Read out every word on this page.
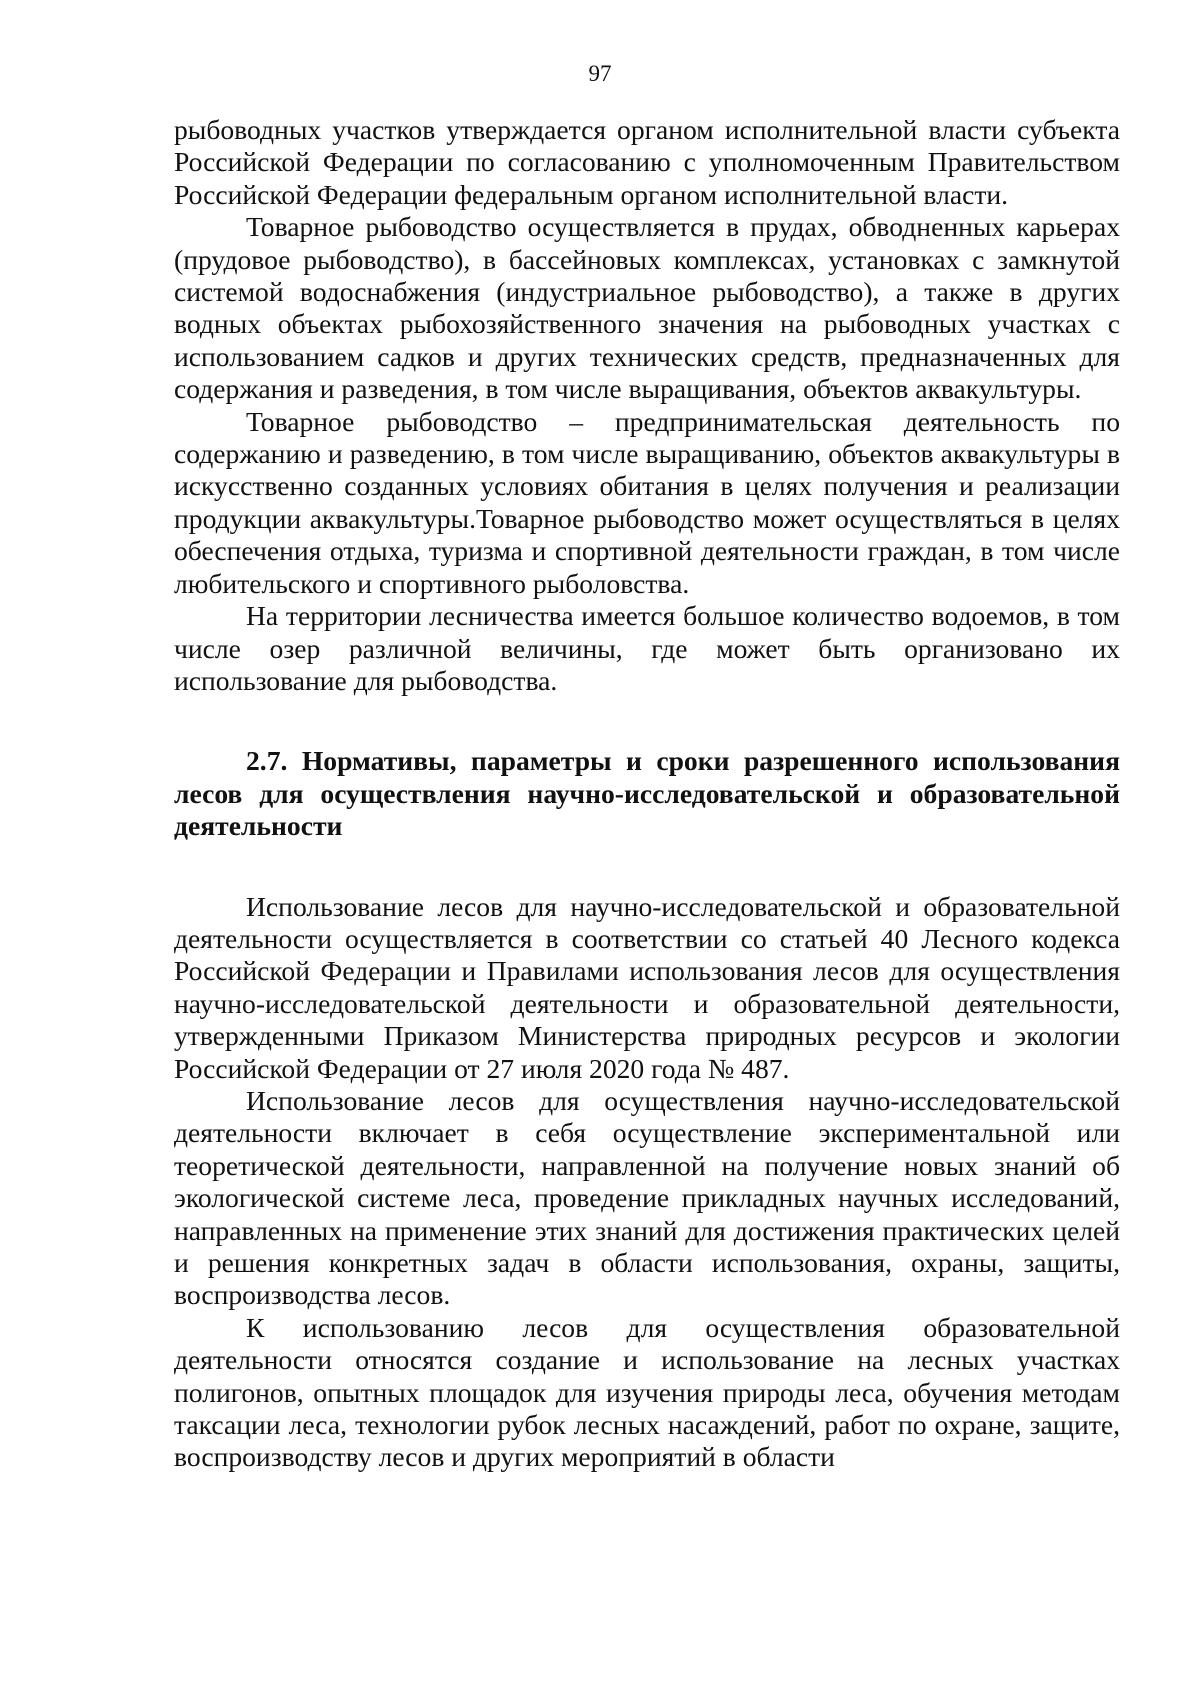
97

рыбоводных участков утверждается органом исполнительной власти субъекта Российской Федерации по согласованию с уполномоченным Правительством Российской Федерации федеральным органом исполнительной власти.

Товарное рыбоводство осуществляется в прудах, обводненных карьерах (прудовое рыбоводство), в бассейновых комплексах, установках с замкнутой системой водоснабжения (индустриальное рыбоводство), а также в других водных объектах рыбохозяйственного значения на рыбоводных участках с использованием садков и других технических средств, предназначенных для содержания и разведения, в том числе выращивания, объектов аквакультуры.

Товарное рыбоводство – предпринимательская деятельность по содержанию и разведению, в том числе выращиванию, объектов аквакультуры в искусственно созданных условиях обитания в целях получения и реализации продукции аквакультуры.Товарное рыбоводство может осуществляться в целях обеспечения отдыха, туризма и спортивной деятельности граждан, в том числе любительского и спортивного рыболовства.

На территории лесничества имеется большое количество водоемов, в том числе озер различной величины, где может быть организовано их использование для рыбоводства.

2.7. Нормативы, параметры и сроки разрешенного использования лесов для осуществления научно-исследовательской и образовательной деятельности

Использование лесов для научно-исследовательской и образовательной деятельности осуществляется в соответствии со статьей 40 Лесного кодекса Российской Федерации и Правилами использования лесов для осуществления научно-исследовательской деятельности и образовательной деятельности, утвержденными Приказом Министерства природных ресурсов и экологии Российской Федерации от 27 июля 2020 года № 487.

Использование лесов для осуществления научно-исследовательской деятельности включает в себя осуществление экспериментальной или теоретической деятельности, направленной на получение новых знаний об экологической системе леса, проведение прикладных научных исследований, направленных на применение этих знаний для достижения практических целей и решения конкретных задач в области использования, охраны, защиты, воспроизводства лесов.

К использованию лесов для осуществления образовательной деятельности относятся создание и использование на лесных участках полигонов, опытных площадок для изучения природы леса, обучения методам таксации леса, технологии рубок лесных насаждений, работ по охране, защите, воспроизводству лесов и других мероприятий в области
